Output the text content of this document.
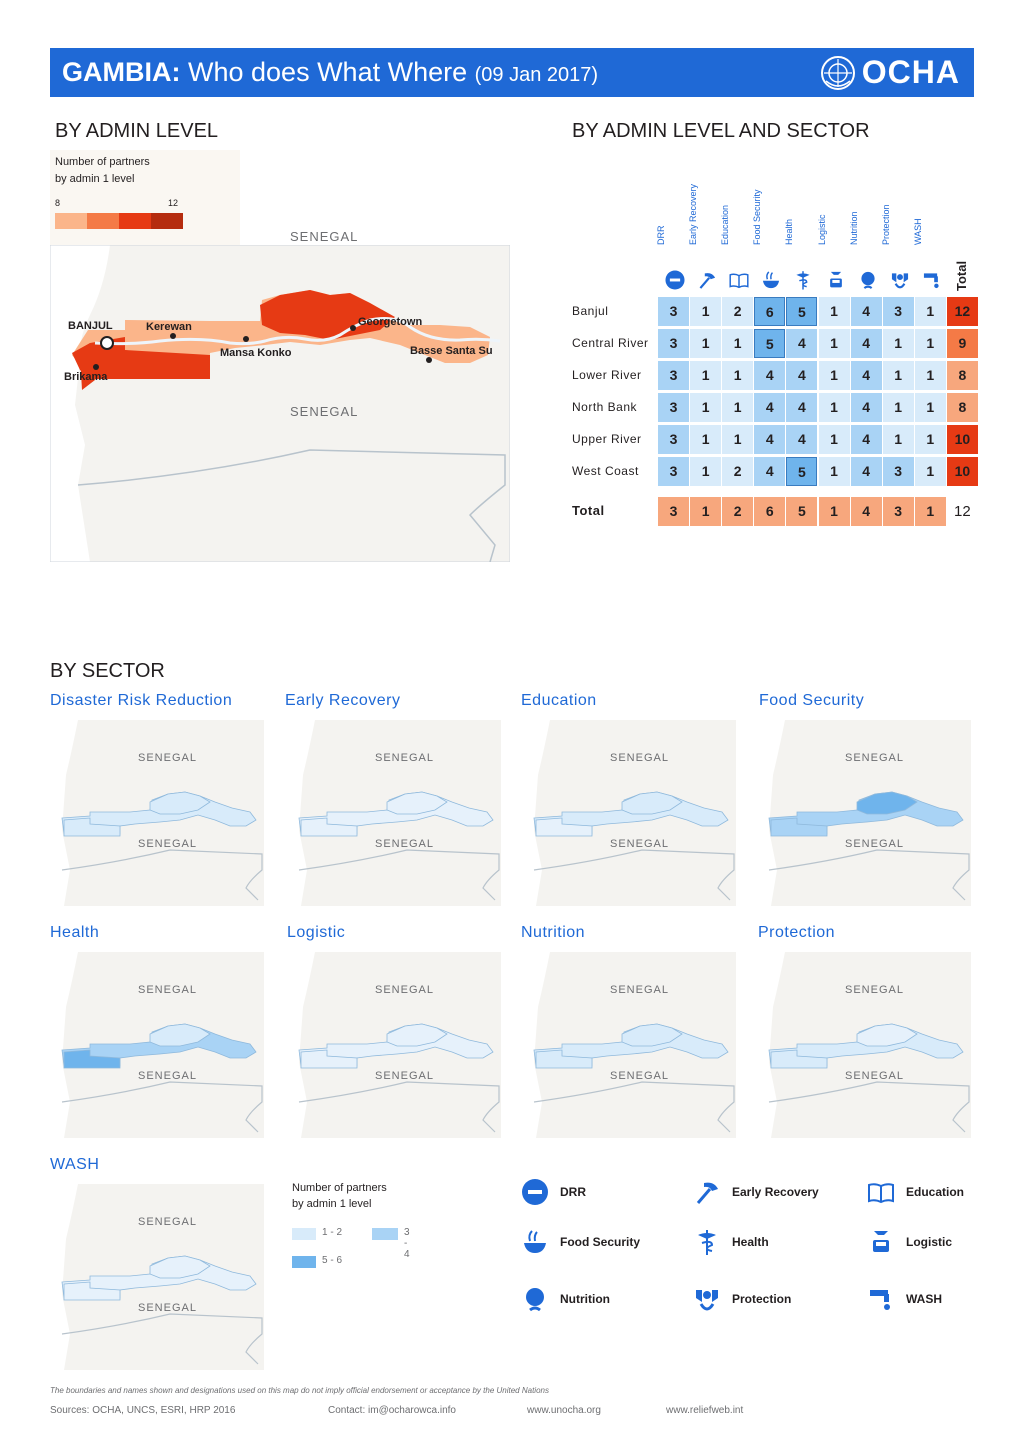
GAMBIA: Who does What Where (09 Jan 2017)	OCHA
BY ADMIN LEVEL
Number of partners
by admin 1 level
8	12
SENEGAL
SENEGAL
BANJUL	Kerewan
Mansa Konko
Georgetown
Basse Santa Su
Brikama
BY ADMIN LEVEL AND SECTOR
DRR Early Recovery Education Food Security Health Logistic Nutrition Protection WASH
Total
Banjul	3	1	2	6	5	1	4	3	1	12
Central River	3	1	1	5	4	1	4	1	1	9
Lower River	3	1	1	4	4	1	4	1	1	8
North Bank	3	1	1	4	4	1	4	1	1	8
Upper River	3	1	1	4	4	1	4	1	1	10
West Coast	3	1	2	4	5	1	4	3	1	10
Total	3	1	2	6	5	1	4	3	1	12
BY SECTOR
Disaster Risk Reduction
SENEGAL
SENEGAL
Early Recovery
SENEGAL
SENEGAL
Education
SENEGAL
SENEGAL
Food Security
SENEGAL
SENEGAL
Health
SENEGAL
SENEGAL
Logistic
SENEGAL
SENEGAL
Nutrition
SENEGAL
SENEGAL
Protection
SENEGAL
SENEGAL
WASH
SENEGAL
SENEGAL
Number of partners
by admin 1 level
1 - 2	3 - 4
5 - 6
DRR	Early Recovery	Education
Food Security	Health	Logistic
Nutrition	Protection	WASH
The boundaries and names shown and designations used on this map do not imply official endorsement or acceptance by the United Nations
Sources: OCHA, UNCS, ESRI, HRP 2016	Contact: im@ocharowca.info	www.unocha.org	www.reliefweb.int
